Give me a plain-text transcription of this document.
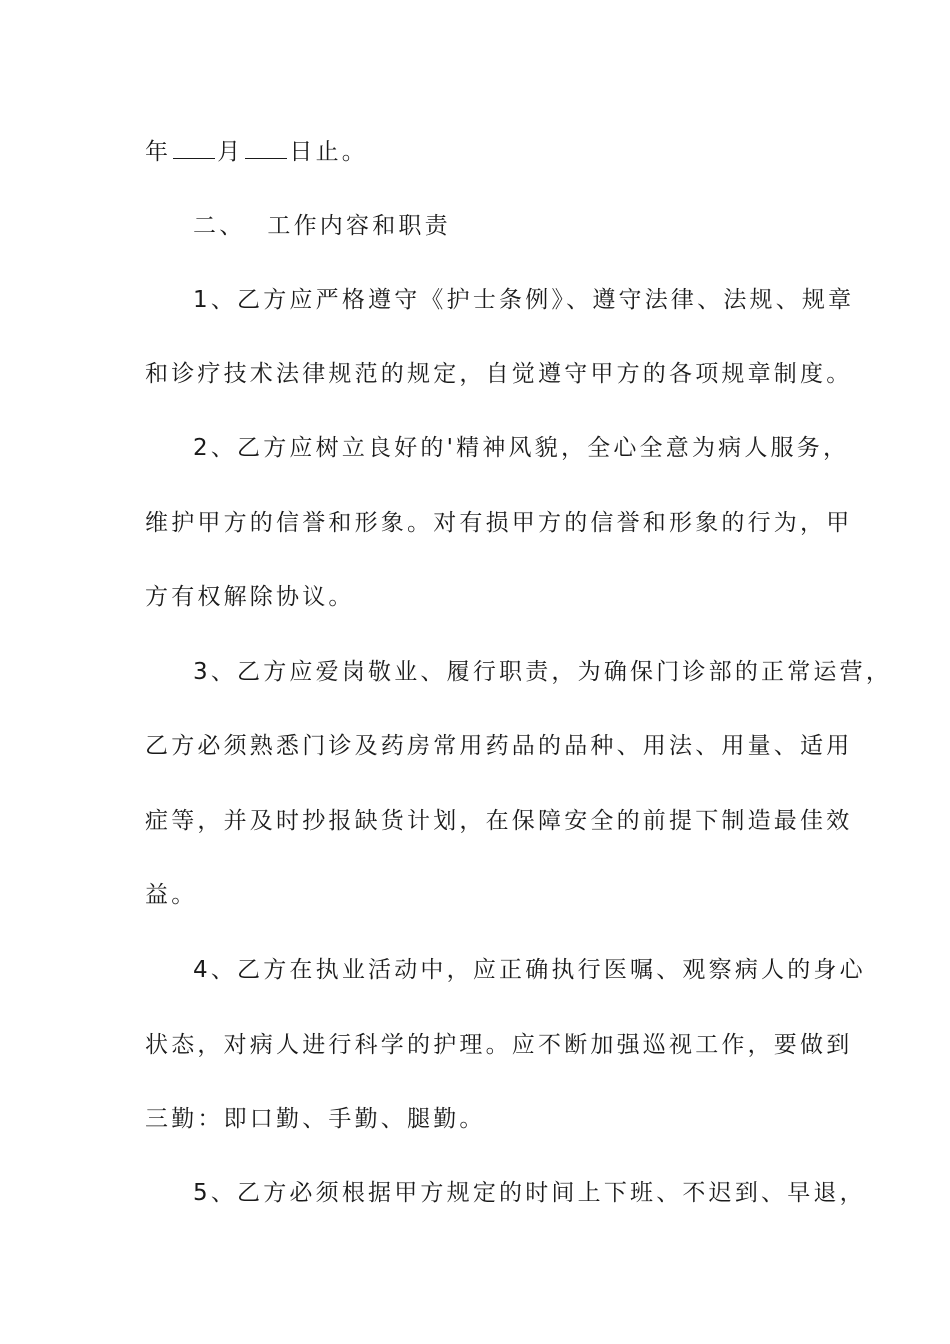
年 月 日止。
二、 工作内容和职责
1、乙方应严格遵守《护士条例》、遵守法律、法规、规章
和诊疗技术法律规范的规定，自觉遵守甲方的各项规章制度。
2、乙方应树立良好的'精神风貌，全心全意为病人服务，
维护甲方的信誉和形象。对有损甲方的信誉和形象的行为，甲
方有权解除协议。
3、乙方应爱岗敬业、履行职责，为确保门诊部的正常运营，
乙方必须熟悉门诊及药房常用药品的品种、用法、用量、适用
症等，并及时抄报缺货计划，在保障安全的前提下制造最佳效
益。
4、乙方在执业活动中，应正确执行医嘱、观察病人的身心
状态，对病人进行科学的护理。应不断加强巡视工作，要做到
三勤：即口勤、手勤、腿勤。
5、乙方必须根据甲方规定的时间上下班、不迟到、早退，
